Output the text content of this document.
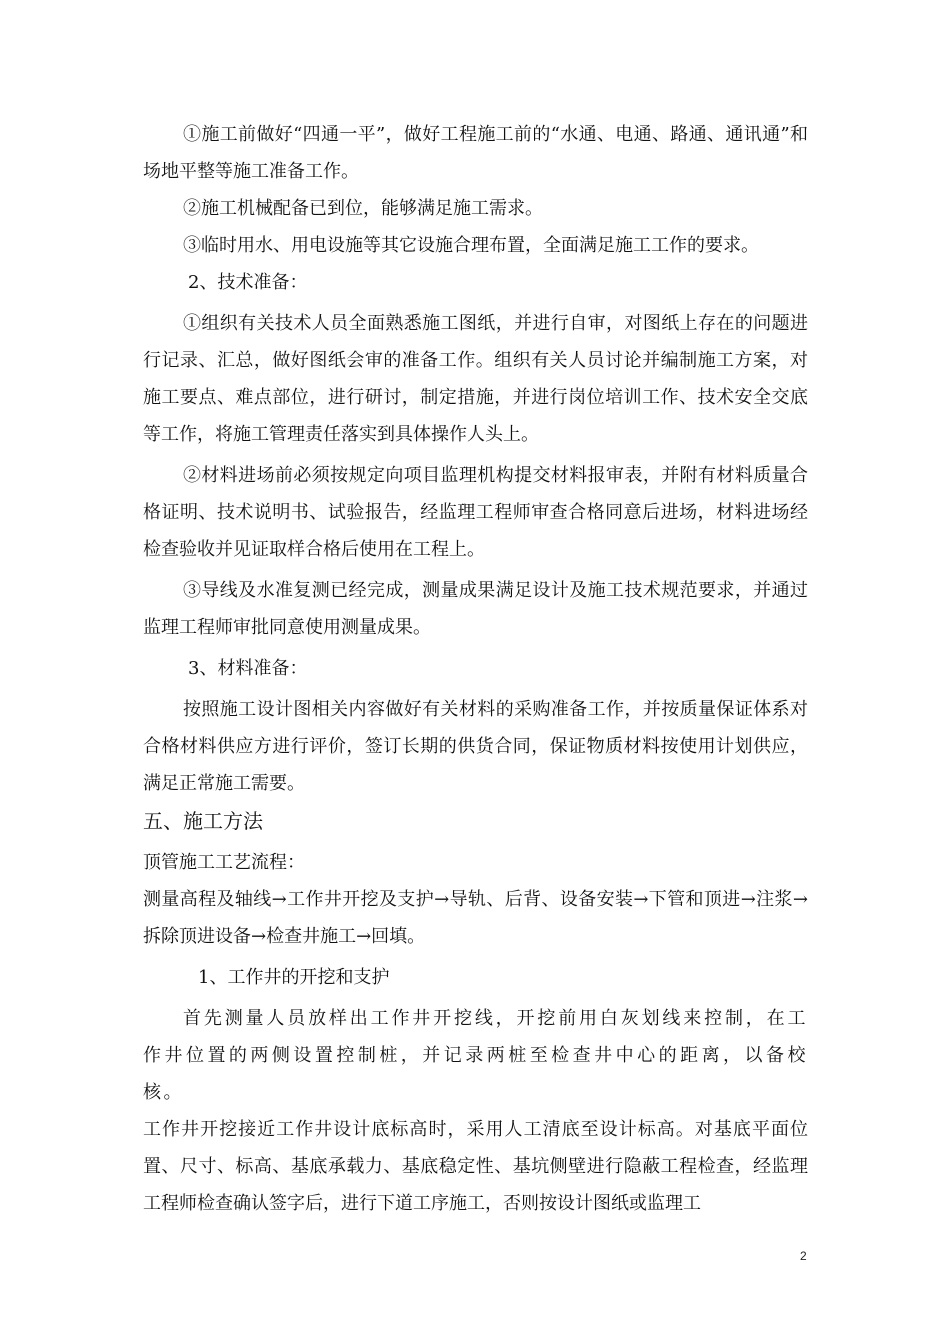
①施工前做好“四通一平”，做好工程施工前的“水通、电通、路通、通讯通”和场地平整等施工准备工作。

②施工机械配备已到位，能够满足施工需求。

③临时用水、用电设施等其它设施合理布置，全面满足施工工作的要求。

2、技术准备：

①组织有关技术人员全面熟悉施工图纸，并进行自审，对图纸上存在的问题进行记录、汇总，做好图纸会审的准备工作。组织有关人员讨论并编制施工方案，对施工要点、难点部位，进行研讨，制定措施，并进行岗位培训工作、技术安全交底等工作，将施工管理责任落实到具体操作人头上。

②材料进场前必须按规定向项目监理机构提交材料报审表，并附有材料质量合格证明、技术说明书、试验报告，经监理工程师审查合格同意后进场，材料进场经检查验收并见证取样合格后使用在工程上。

③导线及水准复测已经完成，测量成果满足设计及施工技术规范要求，并通过监理工程师审批同意使用测量成果。

3、材料准备：

按照施工设计图相关内容做好有关材料的采购准备工作，并按质量保证体系对合格材料供应方进行评价，签订长期的供货合同，保证物质材料按使用计划供应，满足正常施工需要。

五、施工方法

顶管施工工艺流程：

测量高程及轴线→工作井开挖及支护→导轨、后背、设备安装→下管和顶进→注浆→拆除顶进设备→检查井施工→回填。

1、工作井的开挖和支护

首先测量人员放样出工作井开挖线，开挖前用白灰划线来控制，在工作井位置的两侧设置控制桩，并记录两桩至检查井中心的距离，以备校核。

工作井开挖接近工作井设计底标高时，采用人工清底至设计标高。对基底平面位置、尺寸、标高、基底承载力、基底稳定性、基坑侧壁进行隐蔽工程检查，经监理工程师检查确认签字后，进行下道工序施工，否则按设计图纸或监理工

2
